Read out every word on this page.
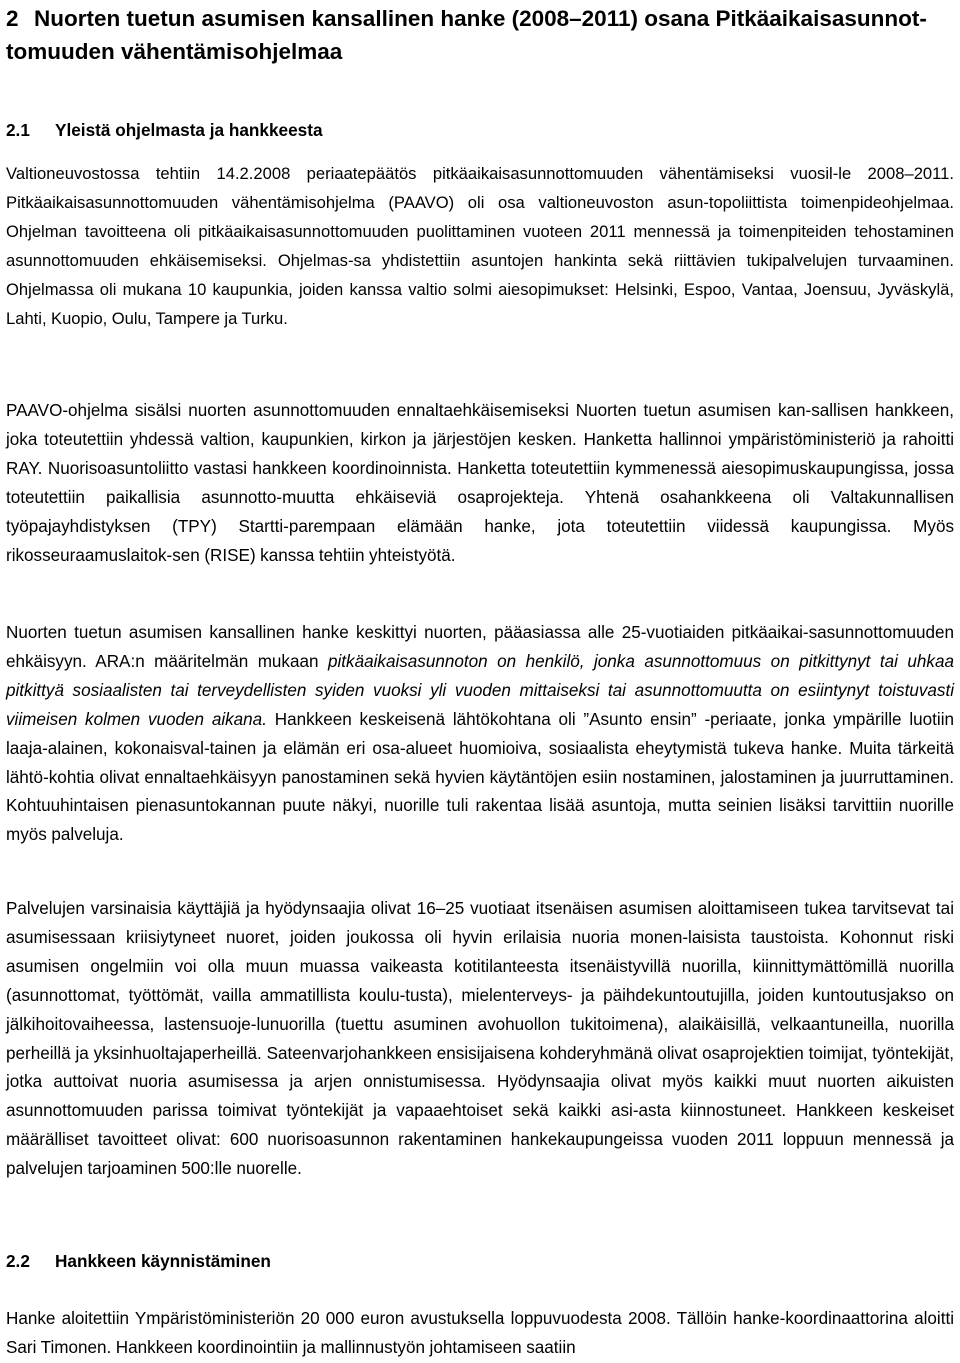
2 Nuorten tuetun asumisen kansallinen hanke (2008–2011) osana Pitkäaikaisasunnot-
tomuuden vähentämisohjelmaa
2.1 Yleistä ohjelmasta ja hankkeesta

Valtioneuvostossa tehtiin 14.2.2008 periaatepäätös pitkäaikaisasunnottomuuden vähentämiseksi vuosil-le 2008–2011. Pitkäaikaisasunnottomuuden vähentämisohjelma (PAAVO) oli osa valtioneuvoston asun-topoliittista toimenpideohjelmaa. Ohjelman tavoitteena oli pitkäaikaisasunnottomuuden puolittaminen vuoteen 2011 mennessä ja toimenpiteiden tehostaminen asunnottomuuden ehkäisemiseksi. Ohjelmas-sa yhdistettiin asuntojen hankinta sekä riittävien tukipalvelujen turvaaminen. Ohjelmassa oli mukana 10 kaupunkia, joiden kanssa valtio solmi aiesopimukset: Helsinki, Espoo, Vantaa, Joensuu, Jyväskylä, Lahti, Kuopio, Oulu, Tampere ja Turku.

PAAVO-ohjelma sisälsi nuorten asunnottomuuden ennaltaehkäisemiseksi Nuorten tuetun asumisen kan-sallisen hankkeen, joka toteutettiin yhdessä valtion, kaupunkien, kirkon ja järjestöjen kesken. Hanketta hallinnoi ympäristöministeriö ja rahoitti RAY. Nuorisoasuntoliitto vastasi hankkeen koordinoinnista. Hanketta toteutettiin kymmenessä aiesopimuskaupungissa, jossa toteutettiin paikallisia asunnotto-muutta ehkäiseviä osaprojekteja. Yhtenä osahankkeena oli Valtakunnallisen työpajayhdistyksen (TPY) Startti-parempaan elämään hanke, jota toteutettiin viidessä kaupungissa. Myös rikosseuraamuslaitok-sen (RISE) kanssa tehtiin yhteistyötä.

Nuorten tuetun asumisen kansallinen hanke keskittyi nuorten, pääasiassa alle 25-vuotiaiden pitkäaikai-sasunnottomuuden ehkäisyyn. ARA:n määritelmän mukaan pitkäaikaisasunnoton on henkilö, jonka asunnottomuus on pitkittynyt tai uhkaa pitkittyä sosiaalisten tai terveydellisten syiden vuoksi yli vuoden mittaiseksi tai asunnottomuutta on esiintynyt toistuvasti viimeisen kolmen vuoden aikana. Hankkeen keskeisenä lähtökohtana oli ”Asunto ensin” -periaate, jonka ympärille luotiin laaja-alainen, kokonaisval-tainen ja elämän eri osa-alueet huomioiva, sosiaalista eheytymistä tukeva hanke. Muita tärkeitä lähtö-kohtia olivat ennaltaehkäisyyn panostaminen sekä hyvien käytäntöjen esiin nostaminen, jalostaminen ja juurruttaminen. Kohtuuhintaisen pienasuntokannan puute näkyi, nuorille tuli rakentaa lisää asuntoja, mutta seinien lisäksi tarvittiin nuorille myös palveluja.

Palvelujen varsinaisia käyttäjiä ja hyödynsaajia olivat 16–25 vuotiaat itsenäisen asumisen aloittamiseen tukea tarvitsevat tai asumisessaan kriisiytyneet nuoret, joiden joukossa oli hyvin erilaisia nuoria monen-laisista taustoista. Kohonnut riski asumisen ongelmiin voi olla muun muassa vaikeasta kotitilanteesta itsenäistyvillä nuorilla, kiinnittymättömillä nuorilla (asunnottomat, työttömät, vailla ammatillista koulu-tusta), mielenterveys- ja päihdekuntoutujilla, joiden kuntoutusjakso on jälkihoitovaiheessa, lastensuoje-lunuorilla (tuettu asuminen avohuollon tukitoimena), alaikäisillä, velkaantuneilla, nuorilla perheillä ja yksinhuoltajaperheillä. Sateenvarjohankkeen ensisijaisena kohderyhmänä olivat osaprojektien toimijat, työntekijät, jotka auttoivat nuoria asumisessa ja arjen onnistumisessa. Hyödynsaajia olivat myös kaikki muut nuorten aikuisten asunnottomuuden parissa toimivat työntekijät ja vapaaehtoiset sekä kaikki asi-asta kiinnostuneet. Hankkeen keskeiset määrälliset tavoitteet olivat: 600 nuorisoasunnon rakentaminen hankekaupungeissa vuoden 2011 loppuun mennessä ja palvelujen tarjoaminen 500:lle nuorelle.

2.2 Hankkeen käynnistäminen

Hanke aloitettiin Ympäristöministeriön 20 000 euron avustuksella loppuvuodesta 2008. Tällöin hanke-koordinaattorina aloitti Sari Timonen. Hankkeen koordinointiin ja mallinnustyön johtamiseen saatiin
